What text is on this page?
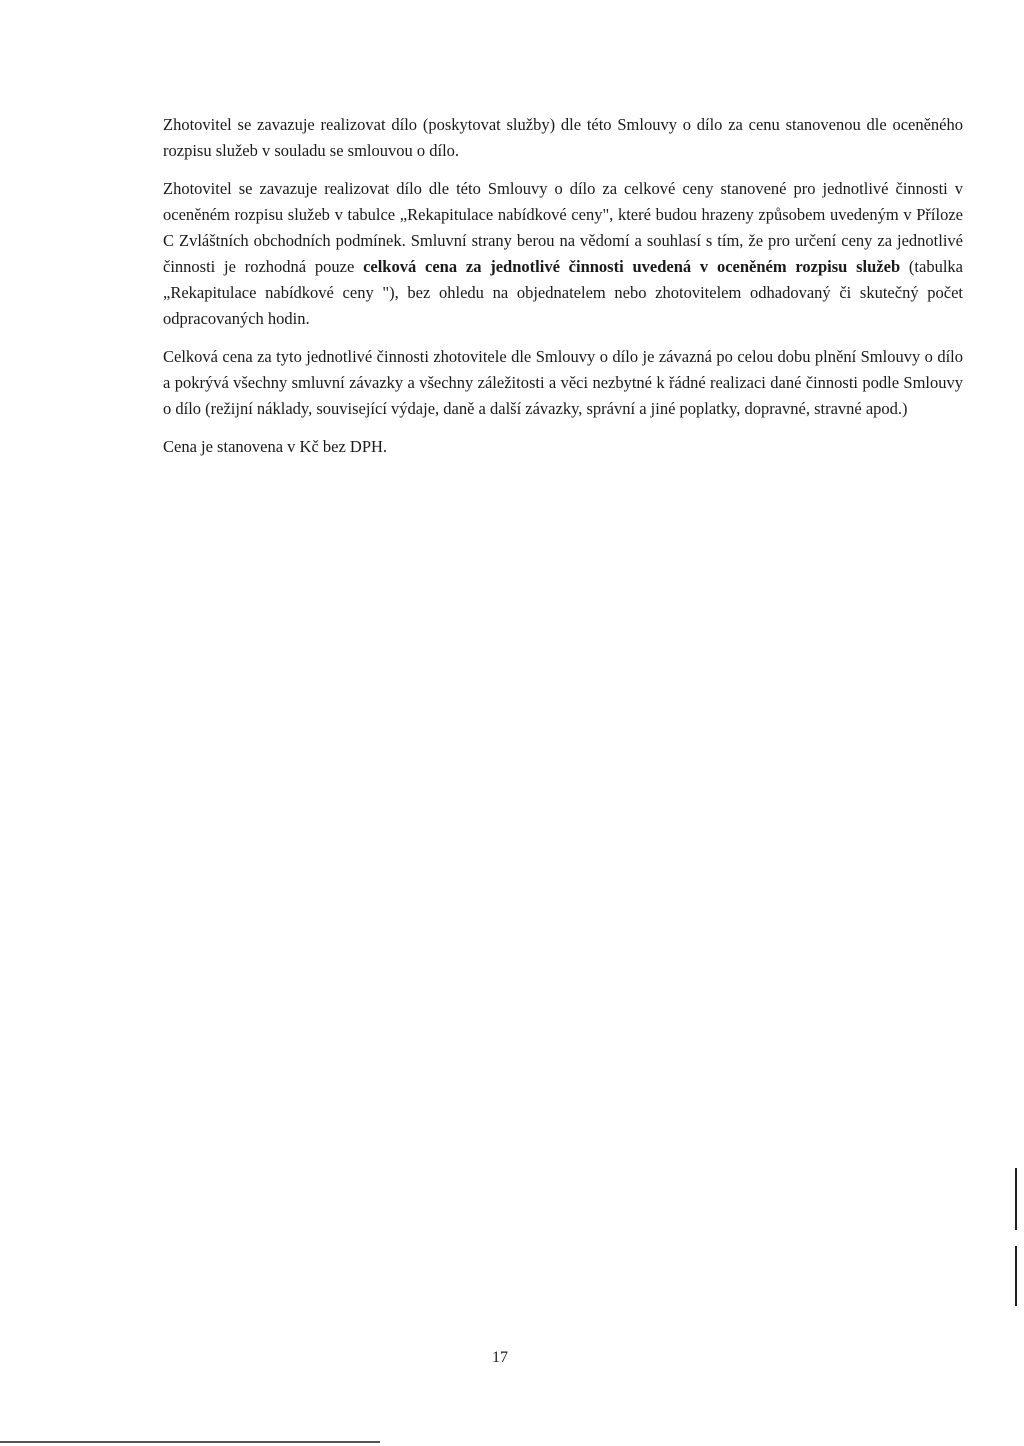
Zhotovitel se zavazuje realizovat dílo (poskytovat služby) dle této Smlouvy o dílo za cenu stanovenou dle oceněného rozpisu služeb v souladu se smlouvou o dílo.

Zhotovitel se zavazuje realizovat dílo dle této Smlouvy o dílo za celkové ceny stanovené pro jednotlivé činnosti v oceněném rozpisu služeb v tabulce „Rekapitulace nabídkové ceny", které budou hrazeny způsobem uvedeným v Příloze C Zvláštních obchodních podmínek. Smluvní strany berou na vědomí a souhlasí s tím, že pro určení ceny za jednotlivé činnosti je rozhodná pouze celková cena za jednotlivé činnosti uvedená v oceněném rozpisu služeb (tabulka „Rekapitulace nabídkové ceny "), bez ohledu na objednatelem nebo zhotovitelem odhadovaný či skutečný počet odpracovaných hodin.

Celková cena za tyto jednotlivé činnosti zhotovitele dle Smlouvy o dílo je závazná po celou dobu plnění Smlouvy o dílo a pokrývá všechny smluvní závazky a všechny záležitosti a věci nezbytné k řádné realizaci dané činnosti podle Smlouvy o dílo (režijní náklady, související výdaje, daně a další závazky, správní a jiné poplatky, dopravné, stravné apod.)

Cena je stanovena v Kč bez DPH.

17
